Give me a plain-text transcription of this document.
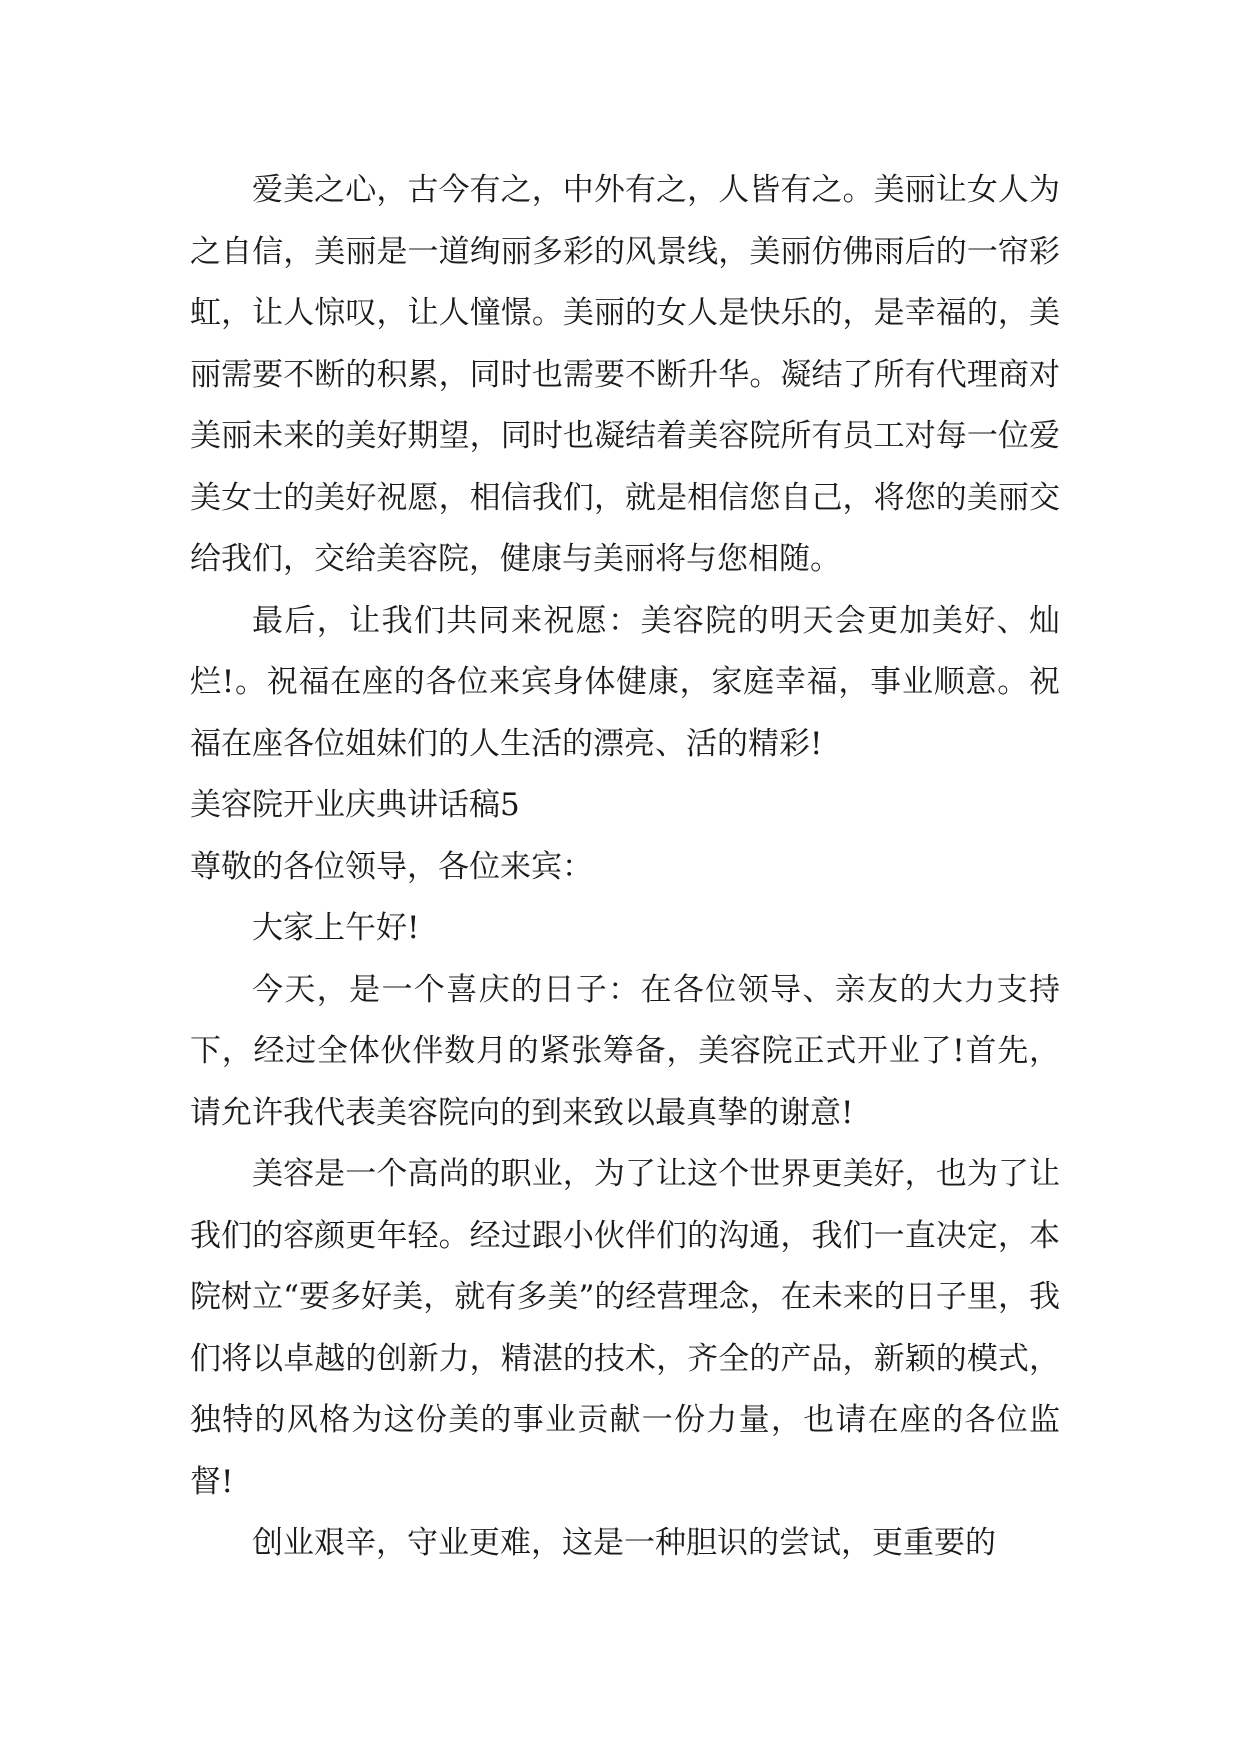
爱美之心，古今有之，中外有之，人皆有之。美丽让女人为之自信，美丽是一道绚丽多彩的风景线，美丽仿佛雨后的一帘彩虹，让人惊叹，让人憧憬。美丽的女人是快乐的，是幸福的，美丽需要不断的积累，同时也需要不断升华。凝结了所有代理商对美丽未来的美好期望，同时也凝结着美容院所有员工对每一位爱美女士的美好祝愿，相信我们，就是相信您自己，将您的美丽交给我们，交给美容院，健康与美丽将与您相随。

最后，让我们共同来祝愿：美容院的明天会更加美好、灿烂!。祝福在座的各位来宾身体健康，家庭幸福，事业顺意。祝福在座各位姐妹们的人生活的漂亮、活的精彩!

美容院开业庆典讲话稿5

尊敬的各位领导，各位来宾：

大家上午好!

今天，是一个喜庆的日子：在各位领导、亲友的大力支持下，经过全体伙伴数月的紧张筹备，美容院正式开业了!首先，请允许我代表美容院向的到来致以最真挚的谢意!

美容是一个高尚的职业，为了让这个世界更美好，也为了让我们的容颜更年轻。经过跟小伙伴们的沟通，我们一直决定，本院树立“要多好美，就有多美”的经营理念，在未来的日子里，我们将以卓越的创新力，精湛的技术，齐全的产品，新颖的模式，独特的风格为这份美的事业贡献一份力量，也请在座的各位监督!

创业艰辛，守业更难，这是一种胆识的尝试，更重要的
